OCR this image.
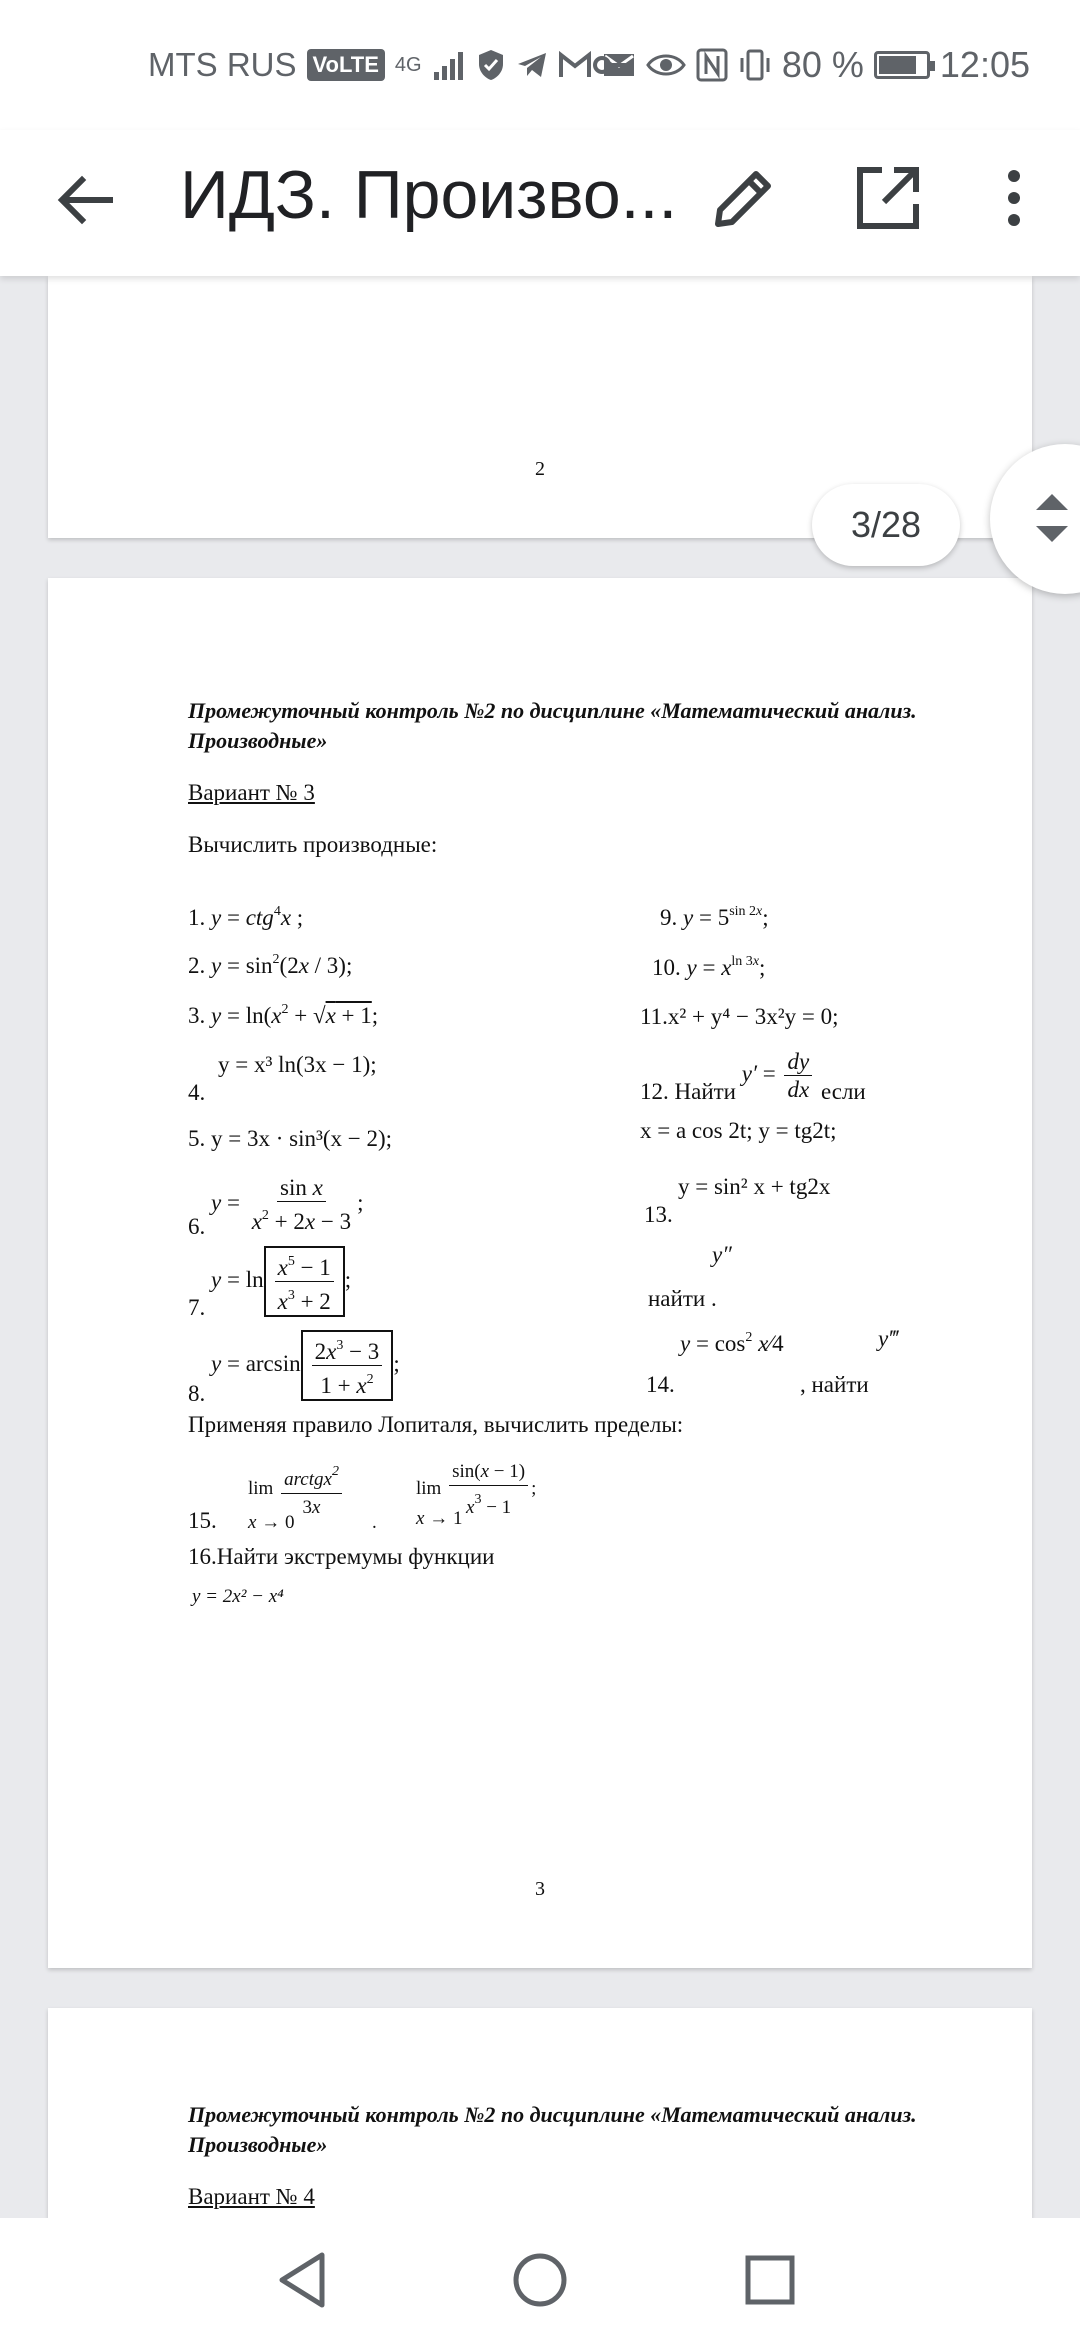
MTS RUS VoLTE 4G	80 % 12:05
ИДЗ. Произво...
2
3/28
Промежуточный контроль №2 по дисциплине «Математический анализ. Производные»
Вариант № 3
Вычислить производные:
1. y = ctg$^4$x ;
2. $y = \sin^2(2x / 3)$;
3. $y = \ln(x^2 + √x + 1$;
y = x³ ln(3x − 1);
4.
5. y = 3x · sin³(x − 2);
6. $y = \frac{\text{sin x}}{x^2 + 2x - 3}$ ;
7. $y = \ln \frac{x^5 - 1}{x^3 + 2}$ ;
8. $y = \arcsin \frac{2x^3 - 3}{1 + x^2}$ ;
9. $y = 5^{sin 2x}$;
10. $y = x^{ln 3x}$;
11.x² + y⁴ − 3x²y = 0;
12. Найти $y' = \frac{dy}{dx}$ если
x = a cos 2t; y = tg2t;
y = sin² x + tg2x
13.
y″
найти .
$y = \cos^2$ x⁄4	y‴
14.	, найти
Применяя правило Лопиталя, вычислить пределы:
$\lim \frac{arctgx^2}{3x}$
x → 0	.
$\lim \frac{\sin(x - 1)}{x^3 - 1}$ ;
x → 1
15.
16.Найти экстремумы функции
y = 2x² − x⁴
3
Промежуточный контроль №2 по дисциплине «Математический анализ. Производные»
Вариант № 4
